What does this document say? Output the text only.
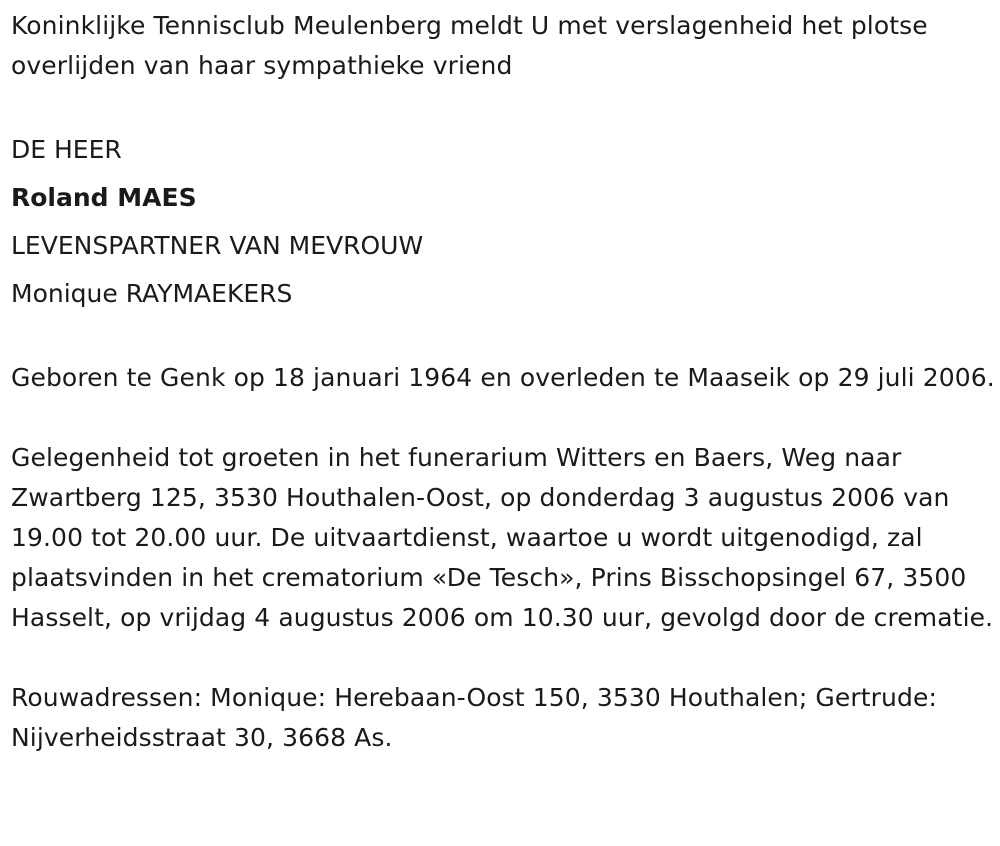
Koninklijke Tennisclub Meulenberg meldt U met verslagenheid het plotse overlijden van haar sympathieke vriend

DE HEER
Roland MAES
LEVENSPARTNER VAN MEVROUW
Monique RAYMAEKERS

Geboren te Genk op 18 januari 1964 en overleden te Maaseik op 29 juli 2006.

Gelegenheid tot groeten in het funerarium Witters en Baers, Weg naar Zwartberg 125, 3530 Houthalen-Oost, op donderdag 3 augustus 2006 van 19.00 tot 20.00 uur. De uitvaartdienst, waartoe u wordt uitgenodigd, zal plaatsvinden in het crematorium «De Tesch», Prins Bisschopsingel 67, 3500 Hasselt, op vrijdag 4 augustus 2006 om 10.30 uur, gevolgd door de crematie.

Rouwadressen: Monique: Herebaan-Oost 150, 3530 Houthalen; Gertrude: Nijverheidsstraat 30, 3668 As.
